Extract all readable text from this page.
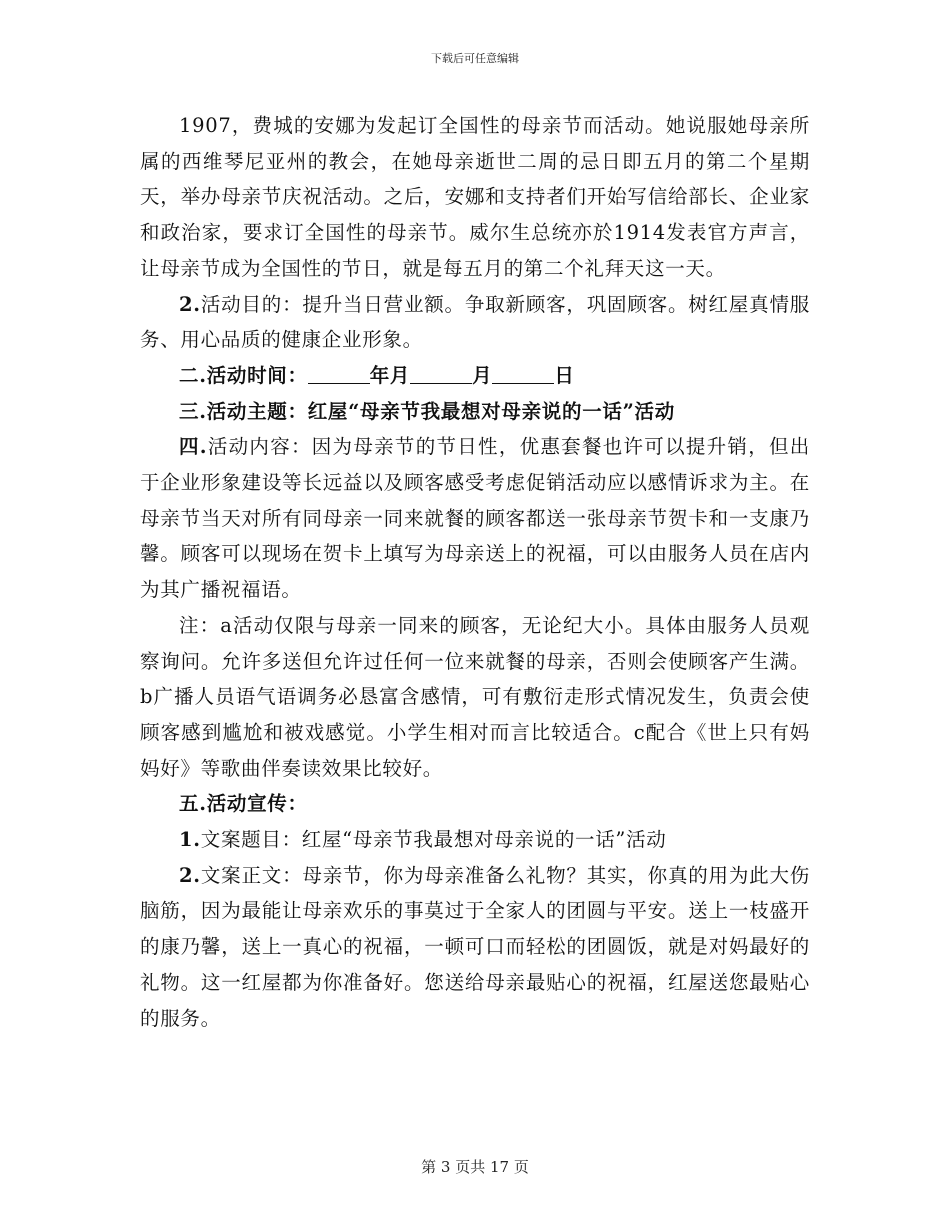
下载后可任意编辑

1907，费城的安娜为发起订全国性的母亲节而活动。她说服她母亲所属的西维琴尼亚州的教会，在她母亲逝世二周的忌日即五月的第二个星期天，举办母亲节庆祝活动。之后，安娜和支持者们开始写信给部长、企业家和政治家，要求订全国性的母亲节。威尔生总统亦於1914发表官方声言，让母亲节成为全国性的节日，就是每五月的第二个礼拜天这一天。

2.活动目的：提升当日营业额。争取新顾客，巩固顾客。树红屋真情服务、用心品质的健康企业形象。

二.活动时间：	年月	月	日

三.活动主题：红屋“母亲节我最想对母亲说的一话”活动

四.活动内容：因为母亲节的节日性，优惠套餐也许可以提升销，但出于企业形象建设等长远益以及顾客感受考虑促销活动应以感情诉求为主。在母亲节当天对所有同母亲一同来就餐的顾客都送一张母亲节贺卡和一支康乃馨。顾客可以现场在贺卡上填写为母亲送上的祝福，可以由服务人员在店内为其广播祝福语。

注：a活动仅限与母亲一同来的顾客，无论纪大小。具体由服务人员观察询问。允许多送但允许过任何一位来就餐的母亲，否则会使顾客产生满。b广播人员语气语调务必恳富含感情，可有敷衍走形式情况发生，负责会使顾客感到尴尬和被戏感觉。小学生相对而言比较适合。c配合《世上只有妈妈好》等歌曲伴奏读效果比较好。

五.活动宣传：

1.文案题目：红屋“母亲节我最想对母亲说的一话”活动

2.文案正文：母亲节，你为母亲准备么礼物？其实，你真的用为此大伤脑筋，因为最能让母亲欢乐的事莫过于全家人的团圆与平安。送上一枝盛开的康乃馨，送上一真心的祝福，一顿可口而轻松的团圆饭，就是对妈最好的礼物。这一红屋都为你准备好。您送给母亲最贴心的祝福，红屋送您最贴心的服务。

第 3 页共 17 页
